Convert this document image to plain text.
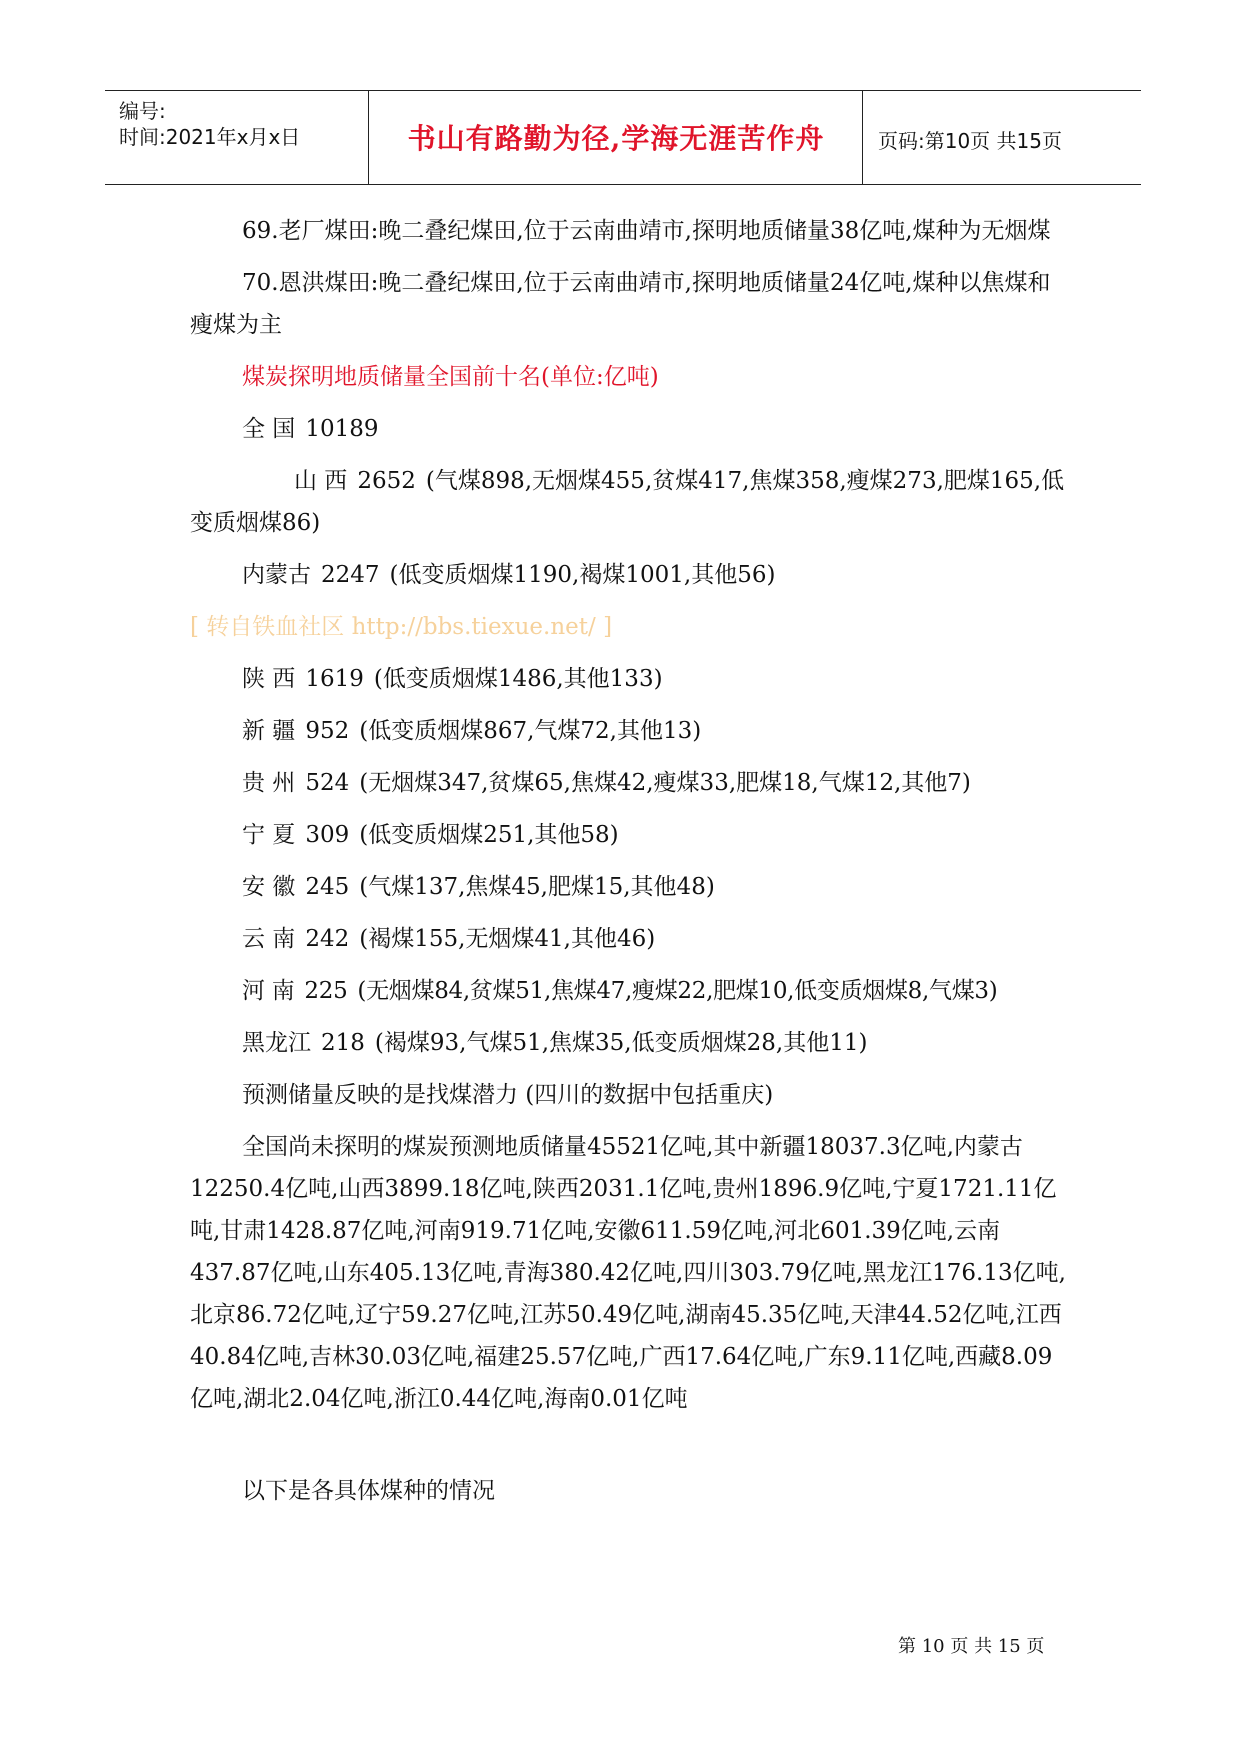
编号:
时间:2021年x月x日	书山有路勤为径,学海无涯苦作舟	页码:第10页 共15页

69.老厂煤田:晚二叠纪煤田,位于云南曲靖市,探明地质储量38亿吨,煤种为无烟煤

70.恩洪煤田:晚二叠纪煤田,位于云南曲靖市,探明地质储量24亿吨,煤种以焦煤和瘦煤为主

煤炭探明地质储量全国前十名(单位:亿吨)

全 国 10189
山 西 2652 (气煤898,无烟煤455,贫煤417,焦煤358,瘦煤273,肥煤165,低变质烟煤86)
内蒙古 2247 (低变质烟煤1190,褐煤1001,其他56)

[ 转自铁血社区 http://bbs.tiexue.net/ ]

陕 西 1619 (低变质烟煤1486,其他133)
新 疆 952 (低变质烟煤867,气煤72,其他13)
贵 州 524 (无烟煤347,贫煤65,焦煤42,瘦煤33,肥煤18,气煤12,其他7)
宁 夏 309 (低变质烟煤251,其他58)
安 徽 245 (气煤137,焦煤45,肥煤15,其他48)
云 南 242 (褐煤155,无烟煤41,其他46)
河 南 225 (无烟煤84,贫煤51,焦煤47,瘦煤22,肥煤10,低变质烟煤8,气煤3)
黑龙江 218 (褐煤93,气煤51,焦煤35,低变质烟煤28,其他11)
预测储量反映的是找煤潜力 (四川的数据中包括重庆)

全国尚未探明的煤炭预测地质储量45521亿吨,其中新疆18037.3亿吨,内蒙古12250.4亿吨,山西3899.18亿吨,陕西2031.1亿吨,贵州1896.9亿吨,宁夏1721.11亿吨,甘肃1428.87亿吨,河南919.71亿吨,安徽611.59亿吨,河北601.39亿吨,云南437.87亿吨,山东405.13亿吨,青海380.42亿吨,四川303.79亿吨,黑龙江176.13亿吨,北京86.72亿吨,辽宁59.27亿吨,江苏50.49亿吨,湖南45.35亿吨,天津44.52亿吨,江西40.84亿吨,吉林30.03亿吨,福建25.57亿吨,广西17.64亿吨,广东9.11亿吨,西藏8.09亿吨,湖北2.04亿吨,浙江0.44亿吨,海南0.01亿吨

以下是各具体煤种的情况
第 10 页 共 15 页
